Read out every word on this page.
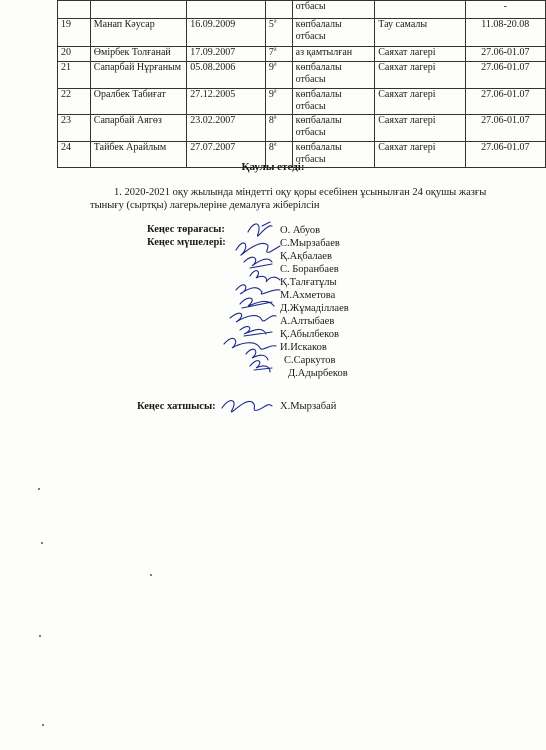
				отбасы		-
19	Манап Кәусар	16.09.2009	$5^а$	көпбалалы отбасы	Тау самалы	11.08-20.08
20	Өмірбек Толғанай	17.09.2007	$7^а$	аз қамтылған	Саяхат лагері	27.06-01.07
21	Сапарбай Нұрғаным	05.08.2006	$9^а$	көпбалалы отбасы	Саяхат лагері	27.06-01.07
22	Оралбек Табиғат	27.12.2005	$9^а$	көпбалалы отбасы	Саяхат лагері	27.06-01.07
23	Сапарбай Аягөз	23.02.2007	$8^а$	көпбалалы отбасы	Саяхат лагері	27.06-01.07
24	Тайбек Арайлым	27.07.2007	$8^а$	көпбалалы отбасы	Саяхат лагері	27.06-01.07
Қаулы етеді:
1. 2020-2021 оқу жылында міндетті оқу қоры есебінен ұсынылған 24 оқушы жазғы
тынығу (сыртқы) лагерьлеріне демалуға жіберілсін
Кеңес төрағасы:
Кеңес мүшелері:
О. Абуов
С.Мырзабаев
Қ.Ақбалаев
С. Боранбаев
Қ.Талғатұлы
М.Ахметова
Д.Жұмаділлаев
А.Алтыбаев
Қ.Абылбеков
И.Искаков
С.Саркутов
Д.Адырбеков
Кеңес хатшысы:	Х.Мырзабай
